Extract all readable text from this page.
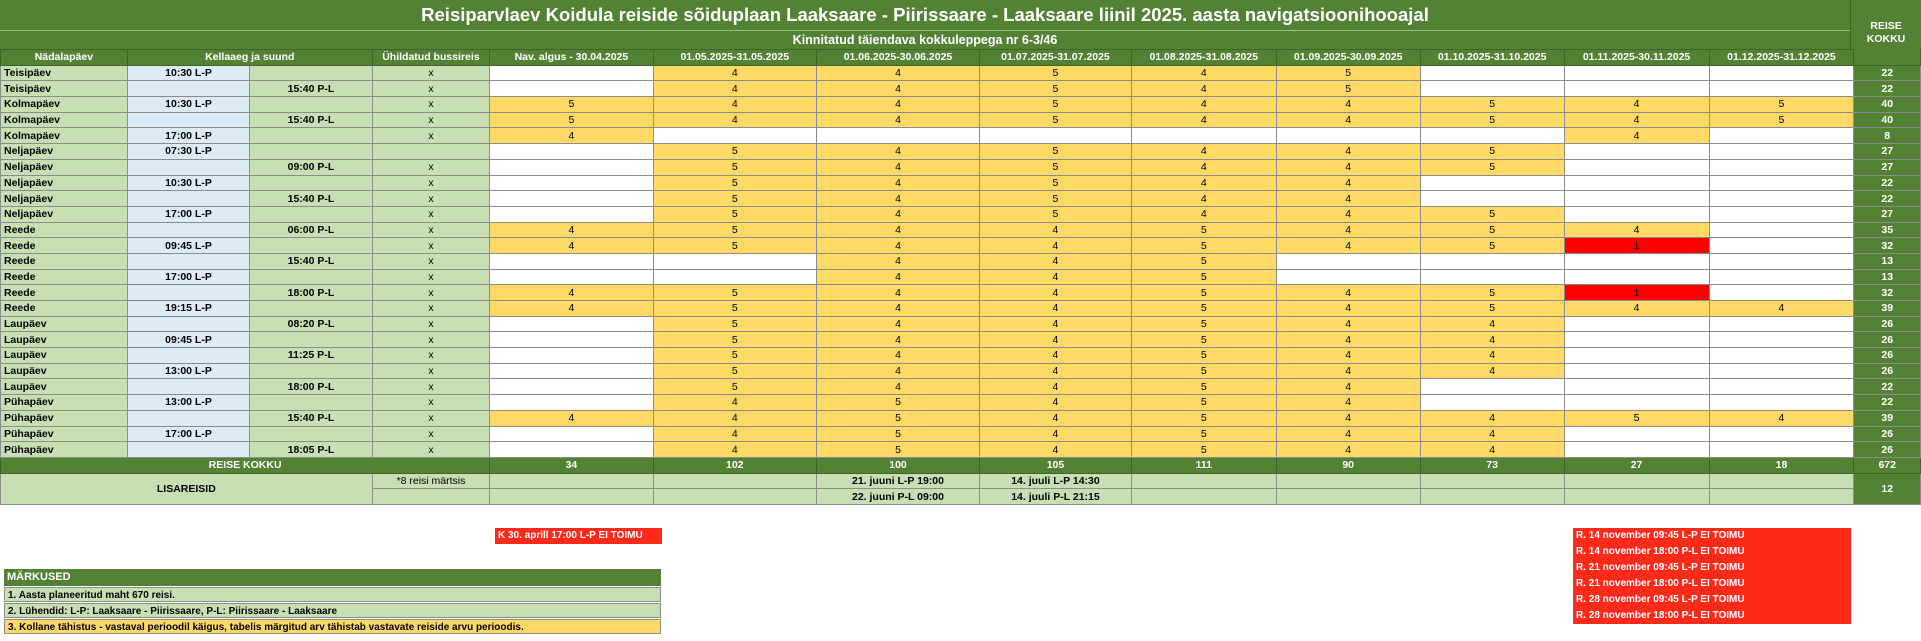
Reisiparvlaev Koidula reiside sõiduplaan Laaksaare - Piirissaare - Laaksaare liinil 2025. aasta navigatsioonihooajal
Kinnitatud täiendava kokkuleppega nr 6-3/46
REISE
KOKKU
Nädalapäev	Kellaaeg ja suund		Ühildatud bussireis	Nav. algus - 30.04.2025	01.05.2025-31.05.2025	01.06.2025-30.06.2025	01.07.2025-31.07.2025	01.08.2025-31.08.2025	01.09.2025-30.09.2025	01.10.2025-31.10.2025	01.11.2025-30.11.2025	01.12.2025-31.12.2025	
Teisipäev	10:30 L-P		x		4	4	5	4	5				22
Teisipäev		15:40 P-L	x		4	4	5	4	5				22
Kolmapäev	10:30 L-P		x	5	4	4	5	4	4	5	4	5	40
Kolmapäev		15:40 P-L	x	5	4	4	5	4	4	5	4	5	40
Kolmapäev	17:00 L-P		x	4							4		8
Neljapäev	07:30 L-P				5	4	5	4	4	5			27
Neljapäev		09:00 P-L	x		5	4	5	4	4	5			27
Neljapäev	10:30 L-P		x		5	4	5	4	4				22
Neljapäev		15:40 P-L	x		5	4	5	4	4				22
Neljapäev	17:00 L-P		x		5	4	5	4	4	5			27
Reede		06:00 P-L	x	4	5	4	4	5	4	5	4		35
Reede	09:45 L-P		x	4	5	4	4	5	4	5	1		32
Reede		15:40 P-L	x			4	4	5					13
Reede	17:00 L-P		x			4	4	5					13
Reede		18:00 P-L	x	4	5	4	4	5	4	5	1		32
Reede	19:15 L-P		x	4	5	4	4	5	4	5	4	4	39
Laupäev		08:20 P-L	x		5	4	4	5	4	4			26
Laupäev	09:45 L-P		x		5	4	4	5	4	4			26
Laupäev		11:25 P-L	x		5	4	4	5	4	4			26
Laupäev	13:00 L-P		x		5	4	4	5	4	4			26
Laupäev		18:00 P-L	x		5	4	4	5	4				22
Pühapäev	13:00 L-P		x		4	5	4	5	4				22
Pühapäev		15:40 P-L	x	4	4	5	4	5	4	4	5	4	39
Pühapäev	17:00 L-P		x		4	5	4	5	4	4			26
Pühapäev		18:05 P-L	x		4	5	4	5	4	4			26
REISE KOKKU				34	102	100	105	111	90	73	27	18	672
LISAREISID			*8 reisi märtsis			21. juuni L-P 19:00	14. juuli L-P 14:30						12
						22. juuni P-L 09:00	14. juuli P-L 21:15						
K 30. aprill 17:00 L-P EI TOIMU	R. 14 november 09:45 L-P EI TOIMU
R. 14 november 18:00 P-L EI TOIMU
R. 21 november 09:45 L-P EI TOIMU
R. 21 november 18:00 P-L EI TOIMU
R. 28 november 09:45 L-P EI TOIMU
R. 28 november 18:00 P-L EI TOIMU
MÄRKUSED
1. Aasta planeeritud maht 670 reisi.
2. Lühendid: L-P: Laaksaare - Piirissaare, P-L: Piirissaare - Laaksaare
3. Kollane tähistus - vastaval perioodil käigus, tabelis märgitud arv tähistab vastavate reiside arvu perioodis.
